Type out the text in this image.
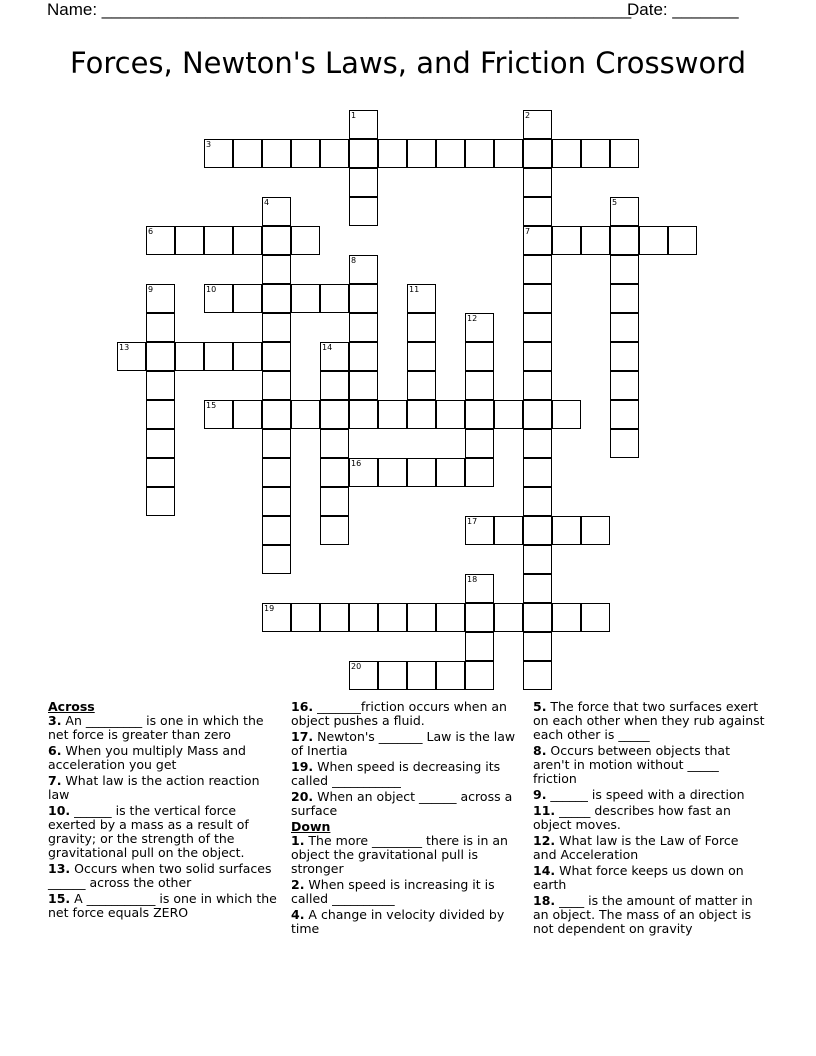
Name: ________________________________________________________
Date: _______
Forces, Newton's Laws, and Friction Crossword
1	2
3
4	5
6	7
8
9	10	11
12
13	14
15
16
17
18
19
20
Across
3. An _________ is one in which the net force is greater than zero
6. When you multiply Mass and acceleration you get
7. What law is the action reaction law
10. ______ is the vertical force exerted by a mass as a result of gravity; or the strength of the gravitational pull on the object.
13. Occurs when two solid surfaces ______ across the other
15. A ___________ is one in which the net force equals ZERO
16. _______friction occurs when an object pushes a fluid.
17. Newton's _______ Law is the law of Inertia
19. When speed is decreasing its called ___________
20. When an object ______ across a surface
Down
1. The more ________ there is in an object the gravitational pull is stronger
2. When speed is increasing it is called __________
4. A change in velocity divided by time
5. The force that two surfaces exert on each other when they rub against each other is _____
8. Occurs between objects that aren't in motion without _____ friction
9. ______ is speed with a direction
11. _____ describes how fast an object moves.
12. What law is the Law of Force and Acceleration
14. What force keeps us down on earth
18. ____ is the amount of matter in an object. The mass of an object is not dependent on gravity
